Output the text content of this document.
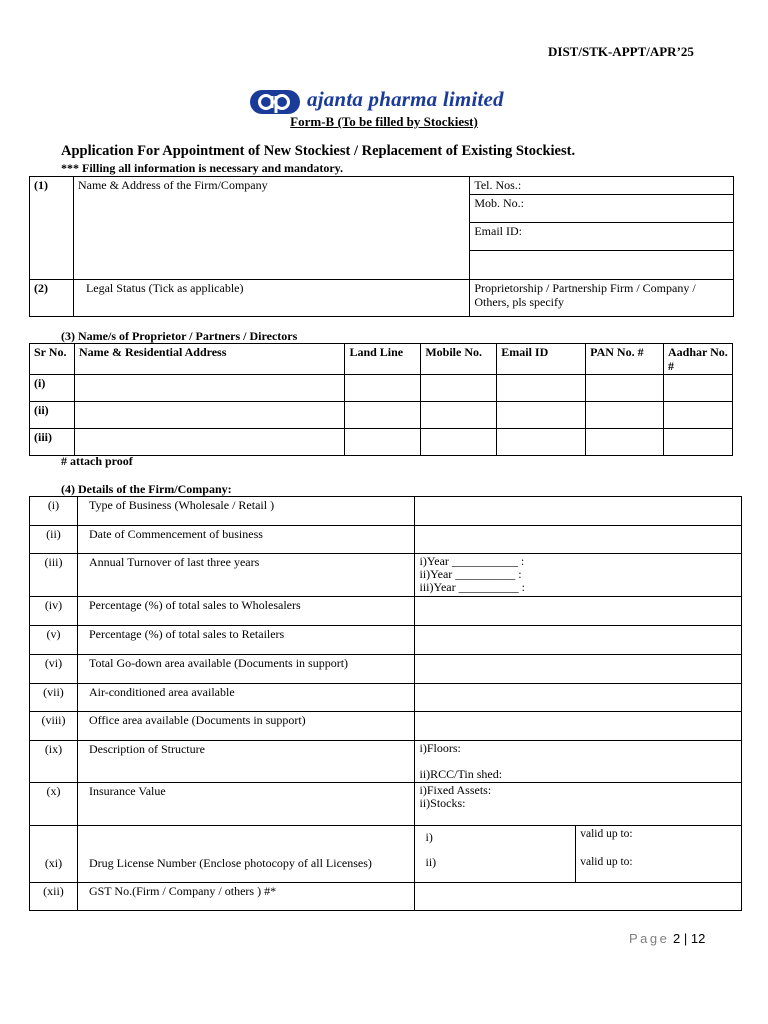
DIST/STK-APPT/APR’25
ajanta pharma limited
Form-B (To be filled by Stockiest)
Application For Appointment of New Stockiest / Replacement of Existing Stockiest.
*** Filling all information is necessary and mandatory.
(1)	Name & Address of the Firm/Company	Tel. Nos.:
		Mob. No.:
		Email ID:

(2)	Legal Status (Tick as applicable)	Proprietorship / Partnership Firm / Company / Others, pls specify
(3) Name/s of Proprietor / Partners / Directors
Sr No.	Name & Residential Address	Land Line	Mobile No.	Email ID	PAN No. #	Aadhar No. #
(i)						
(ii)						
(iii)						
# attach proof
(4) Details of the Firm/Company:
(i)	Type of Business (Wholesale / Retail )		
(ii)	Date of Commencement of business		
(iii)	Annual Turnover of last three years	i)Year ___________ :
ii)Year __________ :
iii)Year __________ :	
(iv)	Percentage (%) of total sales to Wholesalers		
(v)	Percentage (%) of total sales to Retailers		
(vi)	Total Go-down area available (Documents in support)		
(vii)	Air-conditioned area available		
(viii)	Office area available (Documents in support)		
(ix)	Description of Structure	i)Floors:

ii)RCC/Tin shed:	
(x)	Insurance Value	i)Fixed Assets:
ii)Stocks:	
(xi)	Drug License Number (Enclose photocopy of all Licenses)	i)	valid up to:
		ii)	valid up to:
(xii)	GST No.(Firm / Company / others ) #*		
Page 2 | 12
